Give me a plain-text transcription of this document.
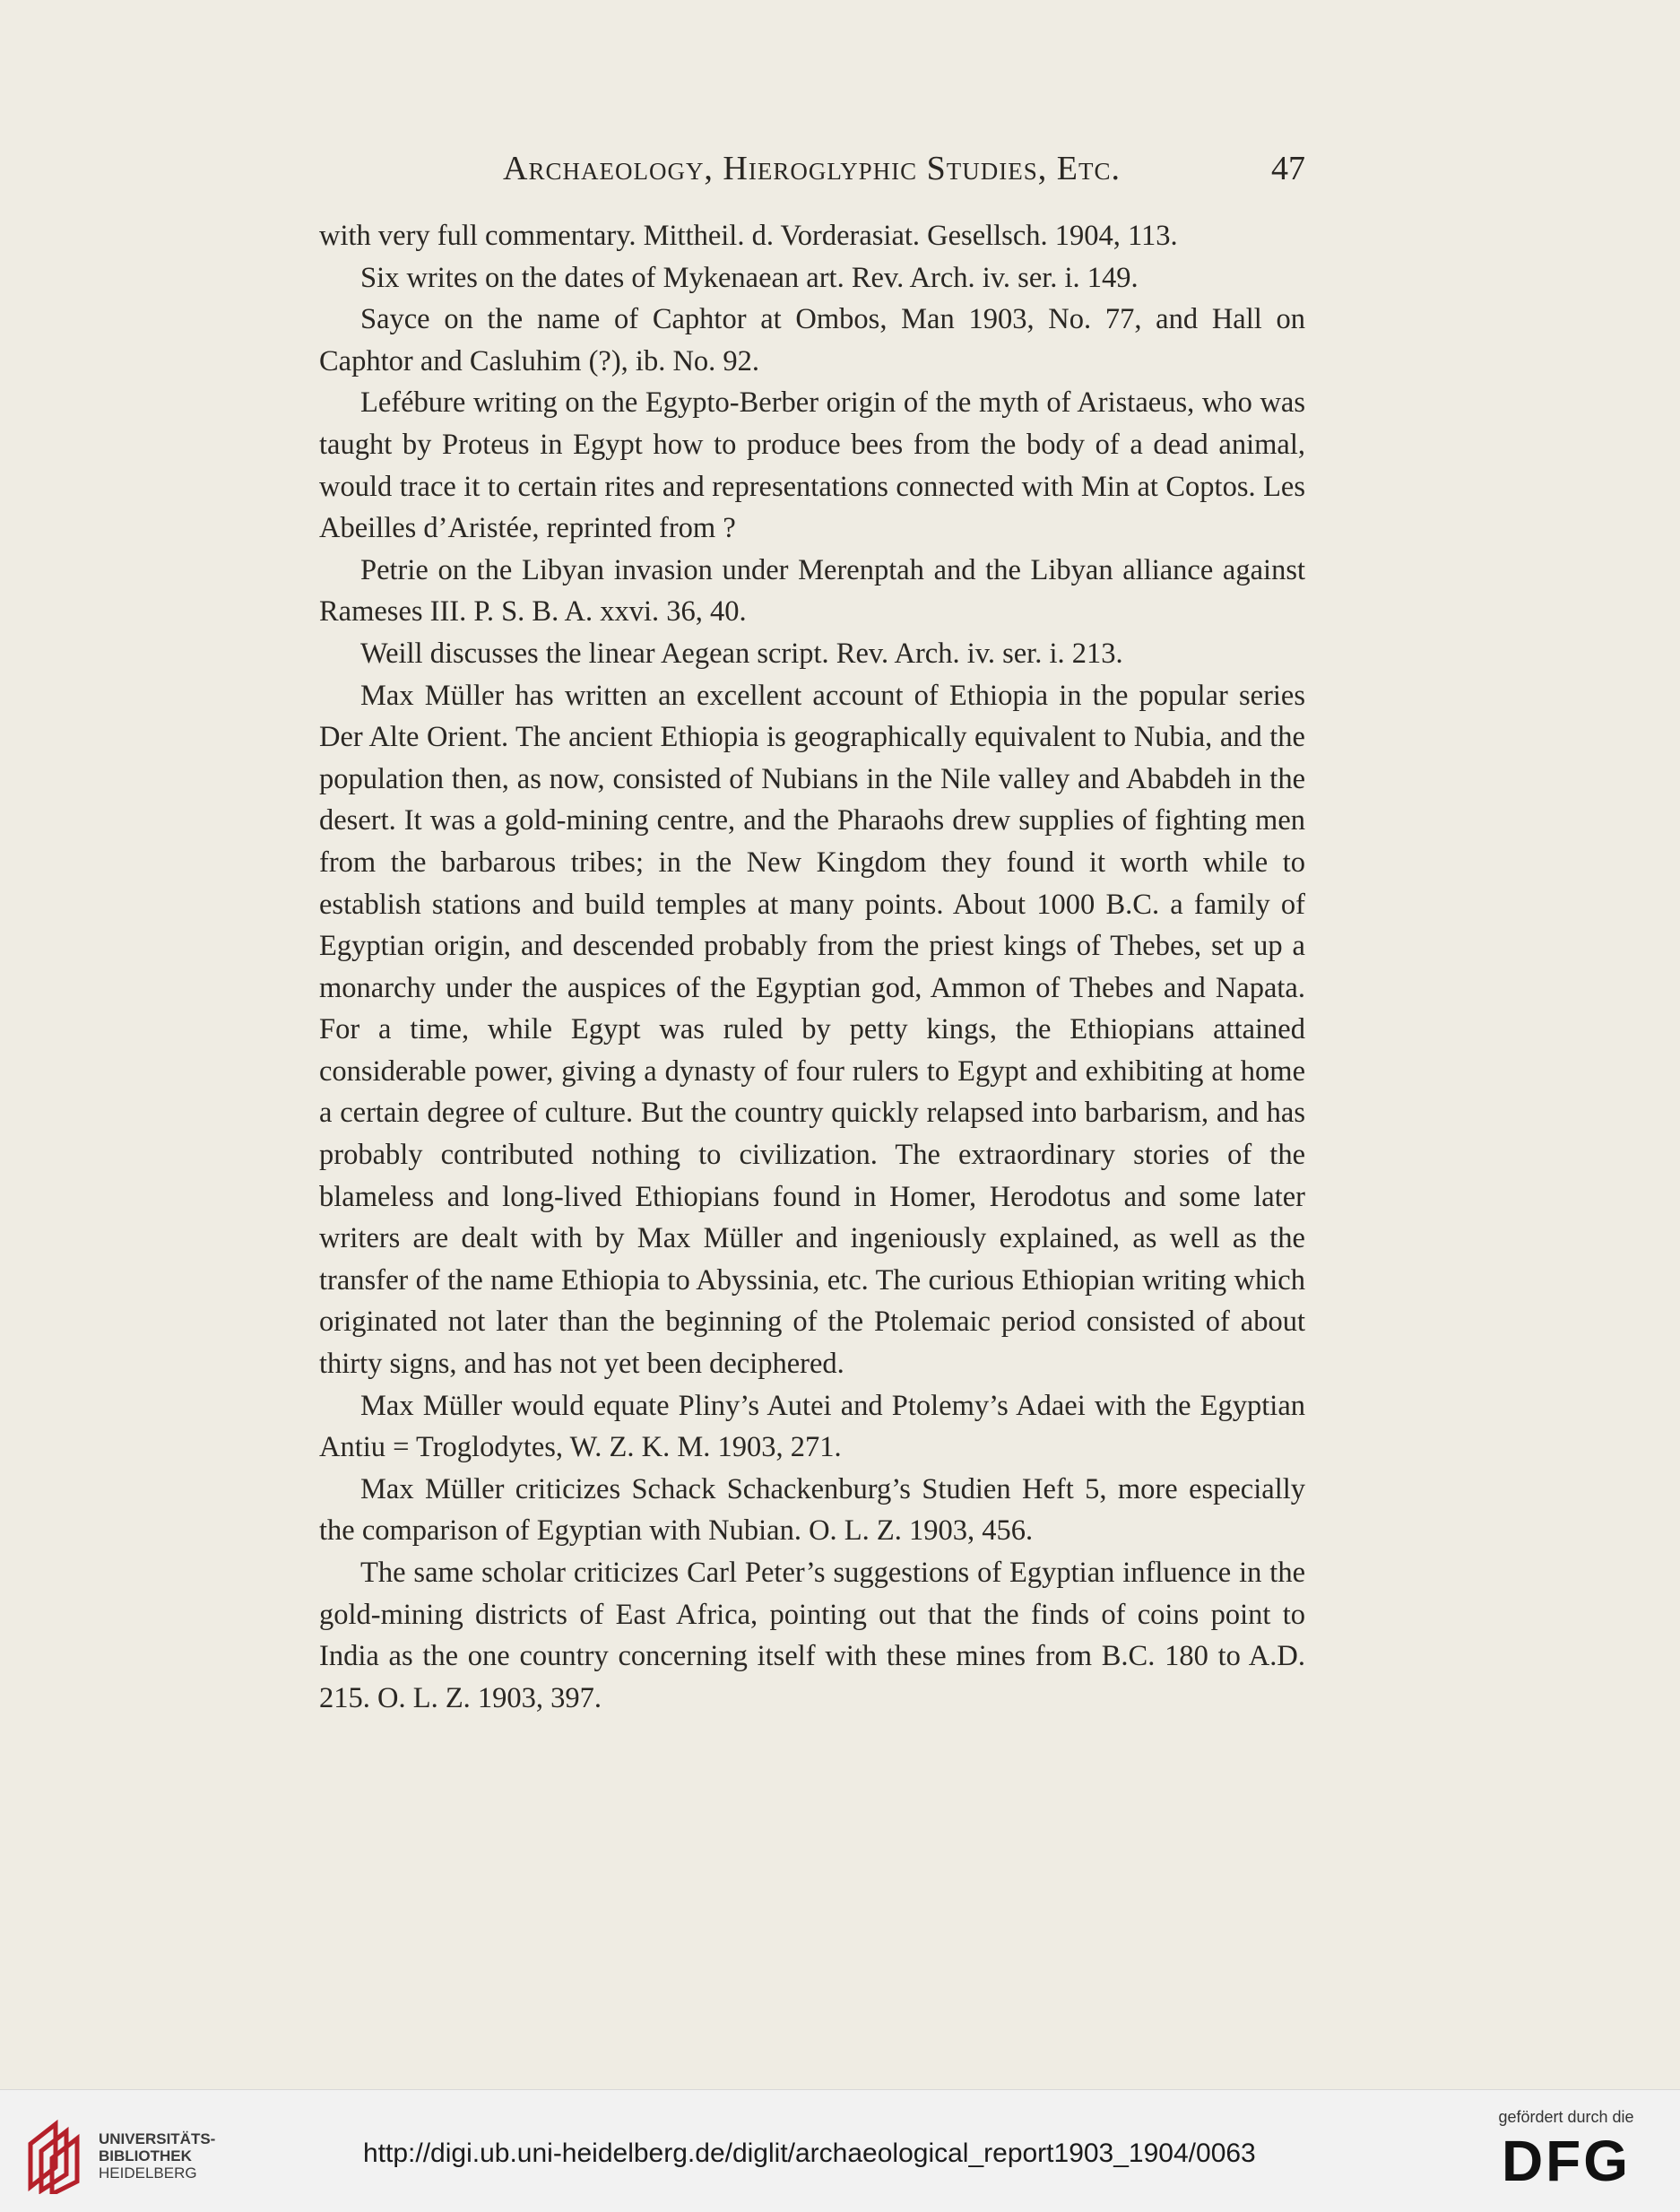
Archaeology, Hieroglyphic Studies, Etc.	47

with very full commentary. Mittheil. d. Vorderasiat. Gesellsch. 1904, 113.

Six writes on the dates of Mykenaean art. Rev. Arch. iv. ser. i. 149.

Sayce on the name of Caphtor at Ombos, Man 1903, No. 77, and Hall on Caphtor and Casluhim (?), ib. No. 92.

Lefébure writing on the Egypto-Berber origin of the myth of Aristaeus, who was taught by Proteus in Egypt how to produce bees from the body of a dead animal, would trace it to certain rites and representations connected with Min at Coptos. Les Abeilles d’Aristée, reprinted from ?

Petrie on the Libyan invasion under Merenptah and the Libyan alliance against Rameses III. P. S. B. A. xxvi. 36, 40.

Weill discusses the linear Aegean script. Rev. Arch. iv. ser. i. 213.

Max Müller has written an excellent account of Ethiopia in the popular series Der Alte Orient. The ancient Ethiopia is geographically equivalent to Nubia, and the population then, as now, consisted of Nubians in the Nile valley and Ababdeh in the desert. It was a gold-mining centre, and the Pharaohs drew supplies of fighting men from the barbarous tribes; in the New Kingdom they found it worth while to establish stations and build temples at many points. About 1000 B.C. a family of Egyptian origin, and descended probably from the priest kings of Thebes, set up a monarchy under the auspices of the Egyptian god, Ammon of Thebes and Napata. For a time, while Egypt was ruled by petty kings, the Ethiopians attained considerable power, giving a dynasty of four rulers to Egypt and exhibiting at home a certain degree of culture. But the country quickly relapsed into barbarism, and has probably contributed nothing to civilization. The extraordinary stories of the blameless and long-lived Ethiopians found in Homer, Herodotus and some later writers are dealt with by Max Müller and ingeniously explained, as well as the transfer of the name Ethiopia to Abyssinia, etc. The curious Ethiopian writing which originated not later than the beginning of the Ptolemaic period consisted of about thirty signs, and has not yet been deciphered.

Max Müller would equate Pliny’s Autei and Ptolemy’s Adaei with the Egyptian Antiu = Troglodytes, W. Z. K. M. 1903, 271.

Max Müller criticizes Schack Schackenburg’s Studien Heft 5, more especially the comparison of Egyptian with Nubian. O. L. Z. 1903, 456.

The same scholar criticizes Carl Peter’s suggestions of Egyptian influence in the gold-mining districts of East Africa, pointing out that the finds of coins point to India as the one country concerning itself with these mines from B.C. 180 to A.D. 215. O. L. Z. 1903, 397.

UNIVERSITÄTS-
BIBLIOTHEK
HEIDELBERG
http://digi.ub.uni-heidelberg.de/diglit/archaeological_report1903_1904/0063
gefördert durch die
DFG
